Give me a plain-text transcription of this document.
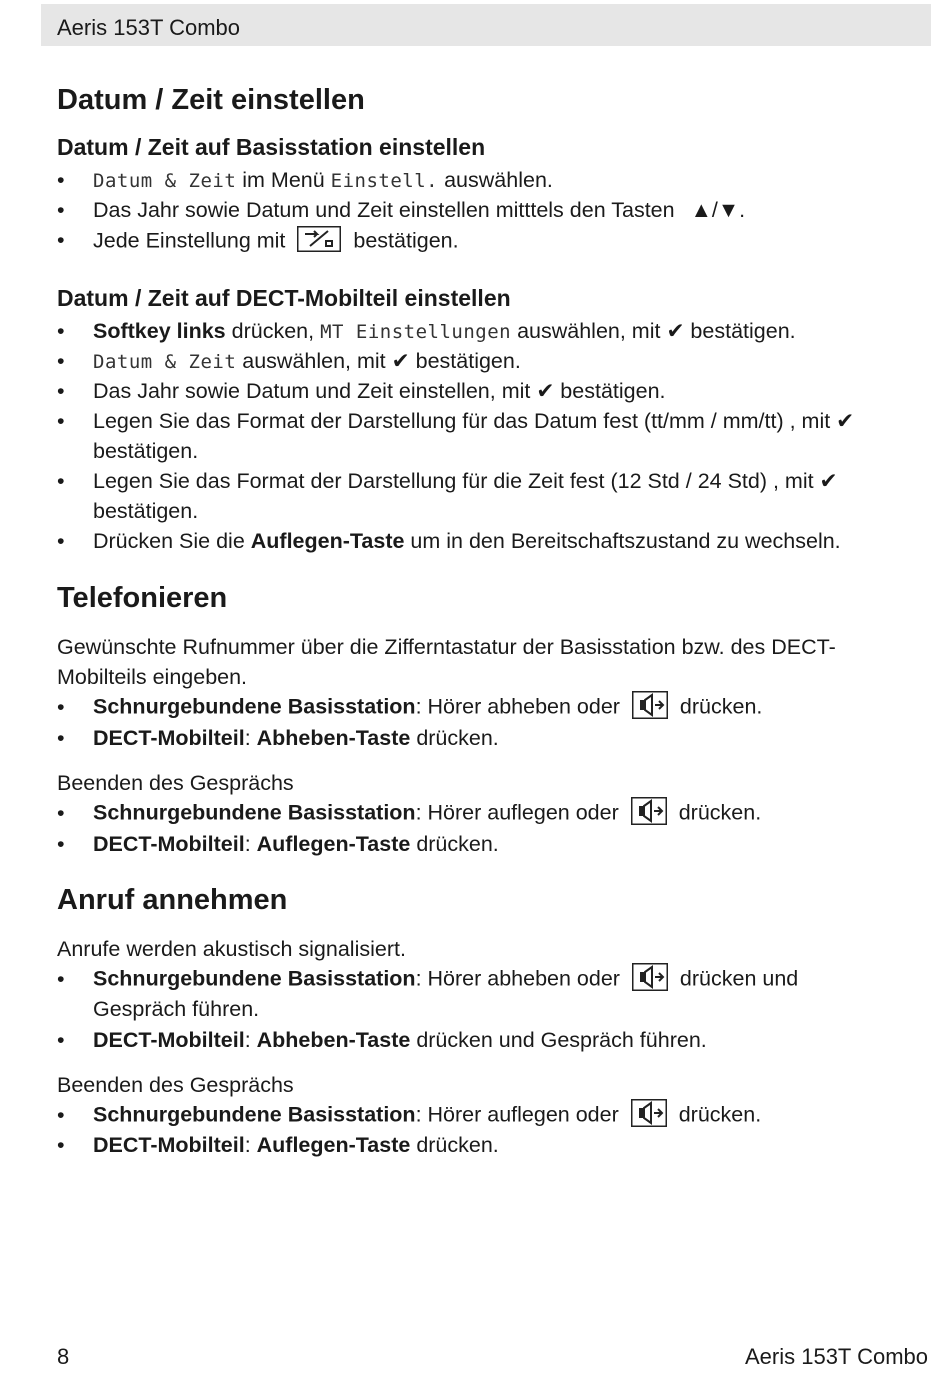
Aeris 153T Combo
Datum / Zeit einstellen
Datum / Zeit auf Basisstation einstellen
• Datum & Zeit im Menü Einstell. auswählen.
• Das Jahr sowie Datum und Zeit einstellen mitttels den Tasten ▲/▼.
• Jede Einstellung mit	bestätigen.
Datum / Zeit auf DECT-Mobilteil einstellen
• Softkey links drücken, MT Einstellungen auswählen, mit ✔ bestätigen.
• Datum & Zeit auswählen, mit ✔ bestätigen.
• Das Jahr sowie Datum und Zeit einstellen, mit ✔ bestätigen.
• Legen Sie das Format der Darstellung für das Datum fest (tt/mm / mm/tt) , mit ✔
bestätigen.
• Legen Sie das Format der Darstellung für die Zeit fest (12 Std / 24 Std) , mit ✔
bestätigen.
• Drücken Sie die Auflegen-Taste um in den Bereitschaftszustand zu wechseln.
Telefonieren
Gewünschte Rufnummer über die Zifferntastatur der Basisstation bzw. des DECT-
Mobilteils eingeben.
• Schnurgebundene Basisstation: Hörer abheben oder	drücken.
• DECT-Mobilteil: Abheben-Taste drücken.
Beenden des Gesprächs
• Schnurgebundene Basisstation: Hörer auflegen oder	drücken.
• DECT-Mobilteil: Auflegen-Taste drücken.
Anruf annehmen
Anrufe werden akustisch signalisiert.
• Schnurgebundene Basisstation: Hörer abheben oder	drücken und
Gespräch führen.
• DECT-Mobilteil: Abheben-Taste drücken und Gespräch führen.
Beenden des Gesprächs
• Schnurgebundene Basisstation: Hörer auflegen oder	drücken.
• DECT-Mobilteil: Auflegen-Taste drücken.
8	Aeris 153T Combo
